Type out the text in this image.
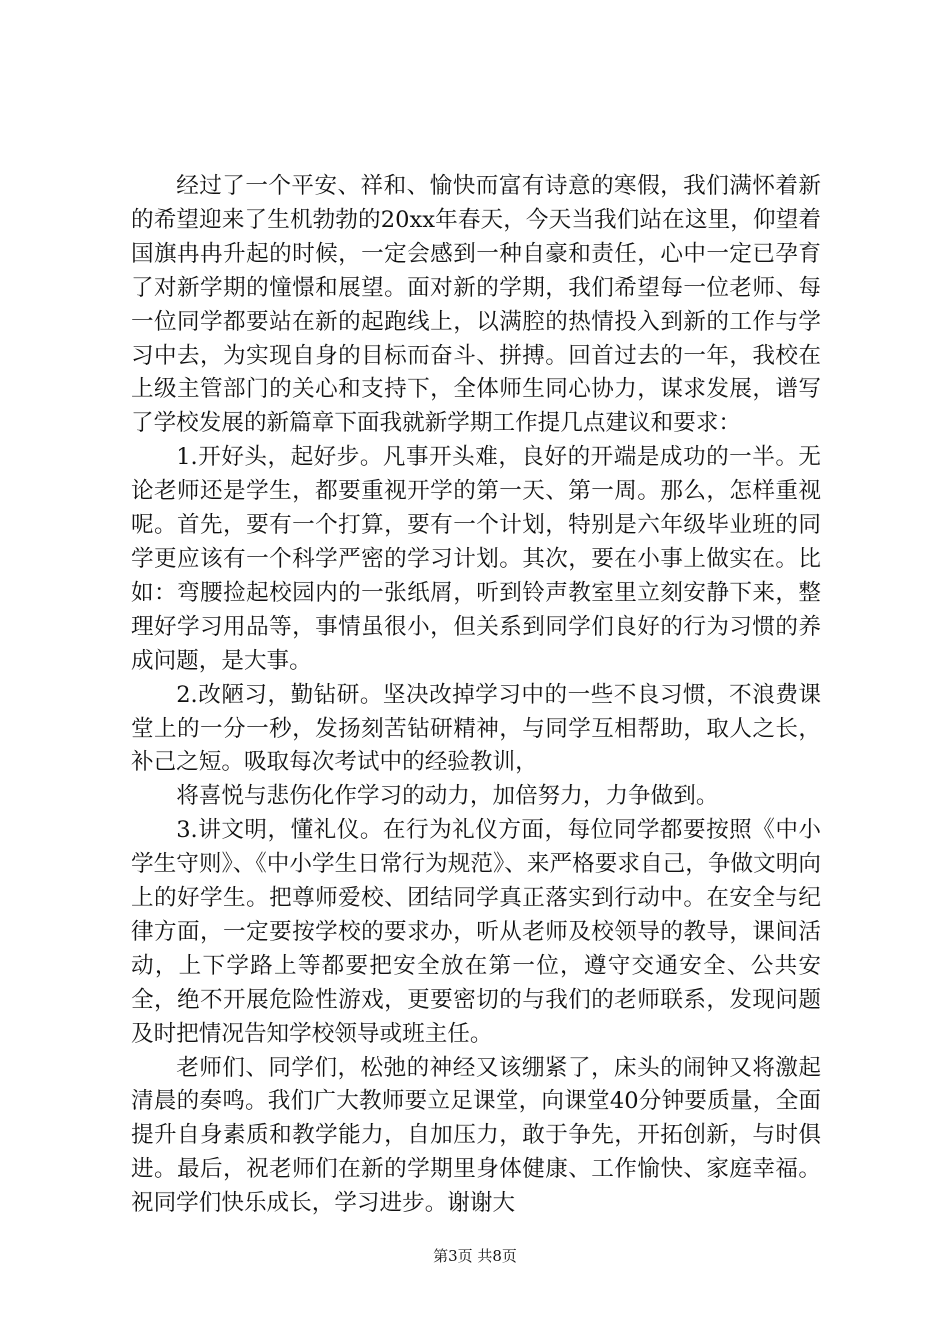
经过了一个平安、祥和、愉快而富有诗意的寒假，我们满怀着新的希望迎来了生机勃勃的20xx年春天，今天当我们站在这里，仰望着国旗冉冉升起的时候，一定会感到一种自豪和责任，心中一定已孕育了对新学期的憧憬和展望。面对新的学期，我们希望每一位老师、每一位同学都要站在新的起跑线上，以满腔的热情投入到新的工作与学习中去，为实现自身的目标而奋斗、拼搏。回首过去的一年，我校在上级主管部门的关心和支持下，全体师生同心协力，谋求发展，谱写了学校发展的新篇章下面我就新学期工作提几点建议和要求：

1.开好头，起好步。凡事开头难，良好的开端是成功的一半。无论老师还是学生，都要重视开学的第一天、第一周。那么，怎样重视呢。首先，要有一个打算，要有一个计划，特别是六年级毕业班的同学更应该有一个科学严密的学习计划。其次，要在小事上做实在。比如：弯腰捡起校园内的一张纸屑，听到铃声教室里立刻安静下来，整理好学习用品等，事情虽很小，但关系到同学们良好的行为习惯的养成问题，是大事。

2.改陋习，勤钻研。坚决改掉学习中的一些不良习惯，不浪费课堂上的一分一秒，发扬刻苦钻研精神，与同学互相帮助，取人之长，补己之短。吸取每次考试中的经验教训，

将喜悦与悲伤化作学习的动力，加倍努力，力争做到。

3.讲文明，懂礼仪。在行为礼仪方面，每位同学都要按照《中小学生守则》、《中小学生日常行为规范》、来严格要求自己，争做文明向上的好学生。把尊师爱校、团结同学真正落实到行动中。在安全与纪律方面，一定要按学校的要求办，听从老师及校领导的教导，课间活动，上下学路上等都要把安全放在第一位，遵守交通安全、公共安全，绝不开展危险性游戏，更要密切的与我们的老师联系，发现问题及时把情况告知学校领导或班主任。

老师们、同学们，松弛的神经又该绷紧了，床头的闹钟又将激起清晨的奏鸣。我们广大教师要立足课堂，向课堂40分钟要质量，全面提升自身素质和教学能力，自加压力，敢于争先，开拓创新，与时俱进。最后，祝老师们在新的学期里身体健康、工作愉快、家庭幸福。祝同学们快乐成长，学习进步。谢谢大

第3页 共8页
